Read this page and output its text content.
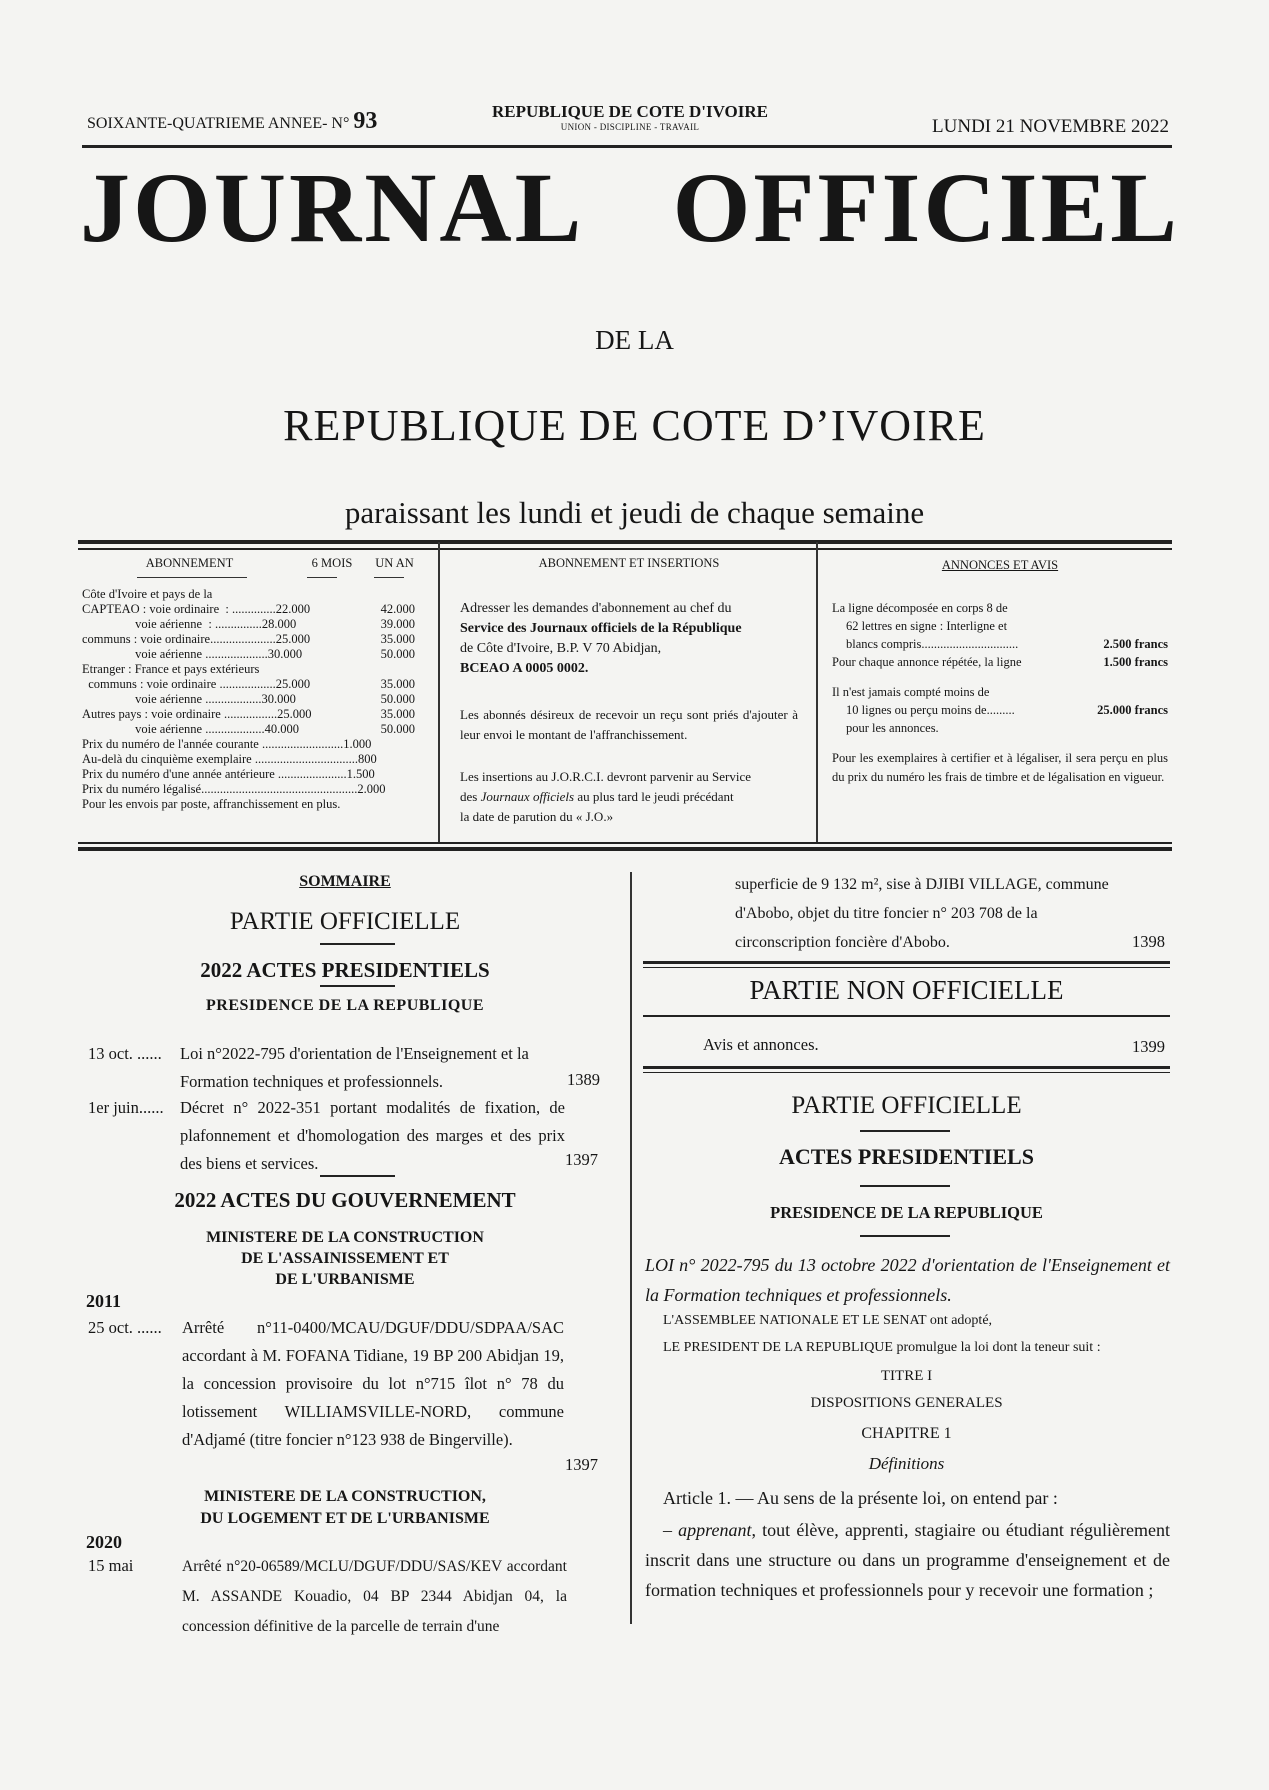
SOIXANTE-QUATRIEME ANNEE- N° 93	REPUBLIQUE DE COTE D'IVOIRE
UNION - DISCIPLINE - TRAVAIL	LUNDI 21 NOVEMBRE 2022
JOURNAL OFFICIEL
DE LA
REPUBLIQUE DE COTE D’IVOIRE
paraissant les lundi et jeudi de chaque semaine
ABONNEMENT	6 MOIS	UN AN
Côte d'Ivoire et pays de la
CAPTEAO : voie ordinaire  : ..............22.000	42.000
voie aérienne  : ...............28.000	39.000
communs : voie ordinaire.....................25.000	35.000
voie aérienne ....................30.000	50.000
Etranger : France et pays extérieurs
communs : voie ordinaire ..................25.000	35.000
voie aérienne ..................30.000	50.000
Autres pays : voie ordinaire .................25.000	35.000
voie aérienne ...................40.000	50.000
Prix du numéro de l'année courante ..........................1.000
Au-delà du cinquième exemplaire .................................800
Prix du numéro d'une année antérieure ......................1.500
Prix du numéro légalisé..................................................2.000
Pour les envois par poste, affranchissement en plus.
ABONNEMENT ET INSERTIONS

Adresser les demandes d'abonnement au chef du
Service des Journaux officiels de la République
de Côte d'Ivoire, B.P. V 70 Abidjan,
BCEAO A 0005 0002.

Les abonnés désireux de recevoir un reçu sont priés d'ajouter à leur envoi le montant de l'affranchissement.

Les insertions au J.O.R.C.I. devront parvenir au Service
des Journaux officiels au plus tard le jeudi précédant
la date de parution du « J.O.»

ANNONCES ET AVIS
La ligne décomposée en corps 8 de
62 lettres en signe : Interligne et
blancs compris...............................	2.500 francs
Pour chaque annonce répétée, la ligne	1.500 francs
Il n'est jamais compté moins de
10 lignes ou perçu moins de.........	25.000 francs
pour les annonces.

Pour les exemplaires à certifier et à légaliser, il sera perçu en plus du prix du numéro les frais de timbre et de légalisation en vigueur.

SOMMAIRE
PARTIE OFFICIELLE
2022 ACTES PRESIDENTIELS
PRESIDENCE DE LA REPUBLIQUE
13 oct. ......	Loi n°2022-795 d'orientation de l'Enseignement et la Formation techniques et professionnels.	1389
1er juin...... Décret n° 2022-351 portant modalités de fixation, de plafonnement et d'homologation des marges et des prix des biens et services.	1397
2022 ACTES DU GOUVERNEMENT
MINISTERE DE LA CONSTRUCTION
DE L'ASSAINISSEMENT ET
DE L'URBANISME
2011
25 oct. ......	Arrêté n°11-0400/MCAU/DGUF/DDU/SDPAA/SAC accordant à M. FOFANA Tidiane, 19 BP 200 Abidjan 19, la concession provisoire du lot n°715 îlot n° 78 du lotissement WILLIAMSVILLE-NORD, commune d'Adjamé (titre foncier n°123 938 de Bingerville).
1397
MINISTERE DE LA CONSTRUCTION,
DU LOGEMENT ET DE L'URBANISME
2020
15 mai	Arrêté n°20-06589/MCLU/DGUF/DDU/SAS/KEV accordant M. ASSANDE Kouadio, 04 BP 2344 Abidjan 04, la concession définitive de la parcelle de terrain d'une
superficie de 9 132 m², sise à DJIBI VILLAGE, commune d'Abobo, objet du titre foncier n° 203 708 de la circonscription foncière d'Abobo.	1398
PARTIE NON OFFICIELLE
Avis et annonces.	1399
PARTIE OFFICIELLE
ACTES PRESIDENTIELS
PRESIDENCE DE LA REPUBLIQUE
LOI n° 2022-795 du 13 octobre 2022 d'orientation de l'Enseignement et la Formation techniques et professionnels.
L'ASSEMBLEE NATIONALE ET LE SENAT ont adopté,
LE PRESIDENT DE LA REPUBLIQUE promulgue la loi dont la teneur suit :
TITRE I
DISPOSITIONS GENERALES
CHAPITRE 1
Définitions
Article 1. — Au sens de la présente loi, on entend par :
– apprenant, tout élève, apprenti, stagiaire ou étudiant régulièrement inscrit dans une structure ou dans un programme d'enseignement et de formation techniques et professionnels pour y recevoir une formation ;
